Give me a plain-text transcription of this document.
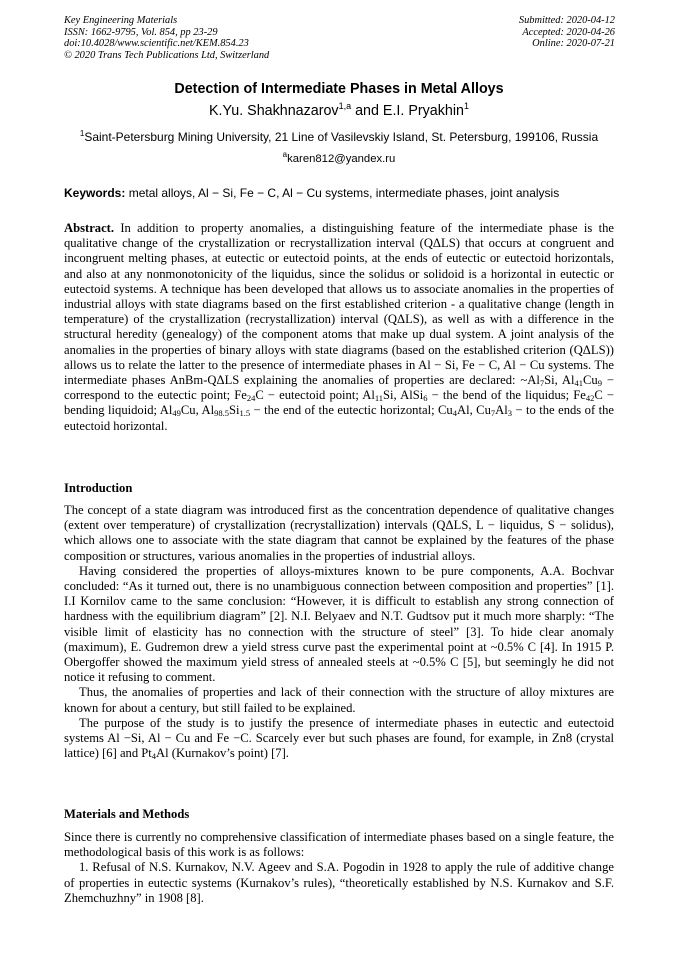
Key Engineering Materials
ISSN: 1662-9795, Vol. 854, pp 23-29
doi:10.4028/www.scientific.net/KEM.854.23
© 2020 Trans Tech Publications Ltd, Switzerland
Submitted: 2020-04-12
Accepted: 2020-04-26
Online: 2020-07-21
Detection of Intermediate Phases in Metal Alloys
K.Yu. Shakhnazarov$^{1,a}$ and E.I. Pryakhin$^1$
$^1$Saint-Petersburg Mining University, 21 Line of Vasilevskiy Island, St. Petersburg, 199106, Russia
$^a$karen812@yandex.ru
Keywords: metal alloys, Al − Si, Fe − C, Al − Cu systems, intermediate phases, joint analysis

Abstract. In addition to property anomalies, a distinguishing feature of the intermediate phase is the qualitative change of the crystallization or recrystallization interval (QΔLS) that occurs at congruent and incongruent melting phases, at eutectic or eutectoid points, at the ends of eutectic or eutectoid horizontals, and also at any nonmonotonicity of the liquidus, since the solidus or solidoid is a horizontal in eutectic or eutectoid systems. A technique has been developed that allows us to associate anomalies in the properties of industrial alloys with state diagrams based on the first established criterion - a qualitative change (length in temperature) of the crystallization (recrystallization) interval (QΔLS), as well as with a difference in the structural heredity (genealogy) of the component atoms that make up dual system. A joint analysis of the anomalies in the properties of binary alloys with state diagrams (based on the established criterion (QΔLS)) allows us to relate the latter to the presence of intermediate phases in Al − Si, Fe − C, Al − Cu systems. The intermediate phases AnBm-QΔLS explaining the anomalies of properties are declared: $\sim Al_7Si$, $Al_{41}Cu_9$ − correspond to the eutectic point; $Fe_{24}C$ − eutectoid point; $Al_{11}Si$, AlSi$_6$ − the bend of the liquidus; $Fe_{42}C$ − bending liquidoid; $Al_{49}Cu$, $Al_{98.5}Si_{1.5}$ − the end of the eutectic horizontal; $Cu_4Al$, $Cu_7Al_3$ − to the ends of the eutectoid horizontal.

Introduction

The concept of a state diagram was introduced first as the concentration dependence of qualitative changes (extent over temperature) of crystallization (recrystallization) intervals (QΔLS, L − liquidus, S − solidus), which allows one to associate with the state diagram that cannot be explained by the features of the phase composition or structures, various anomalies in the properties of industrial alloys.

Having considered the properties of alloys-mixtures known to be pure components, A.A. Bochvar concluded: “As it turned out, there is no unambiguous connection between composition and properties” [1]. I.I Kornilov came to the same conclusion: “However, it is difficult to establish any strong connection of hardness with the equilibrium diagram” [2]. N.I. Belyaev and N.T. Gudtsov put it much more sharply: “The visible limit of elasticity has no connection with the structure of steel” [3]. To hide clear anomaly (maximum), E. Gudremon drew a yield stress curve past the experimental point at ~0.5% C [4]. In 1915 P. Obergoffer showed the maximum yield stress of annealed steels at ~0.5% C [5], but seemingly he did not notice it refusing to comment.

Thus, the anomalies of properties and lack of their connection with the structure of alloy mixtures are known for about a century, but still failed to be explained.

The purpose of the study is to justify the presence of intermediate phases in eutectic and eutectoid systems Al −Si, Al − Cu and Fe −C. Scarcely ever but such phases are found, for example, in Zn8 (crystal lattice) [6] and $Pt_4Al$ (Kurnakov’s point) [7].

Materials and Methods

Since there is currently no comprehensive classification of intermediate phases based on a single feature, the methodological basis of this work is as follows:

1. Refusal of N.S. Kurnakov, N.V. Ageev and S.A. Pogodin in 1928 to apply the rule of additive change of properties in eutectic systems (Kurnakov’s rules), “theoretically established by N.S. Kurnakov and S.F. Zhemchuzhny” in 1908 [8].
